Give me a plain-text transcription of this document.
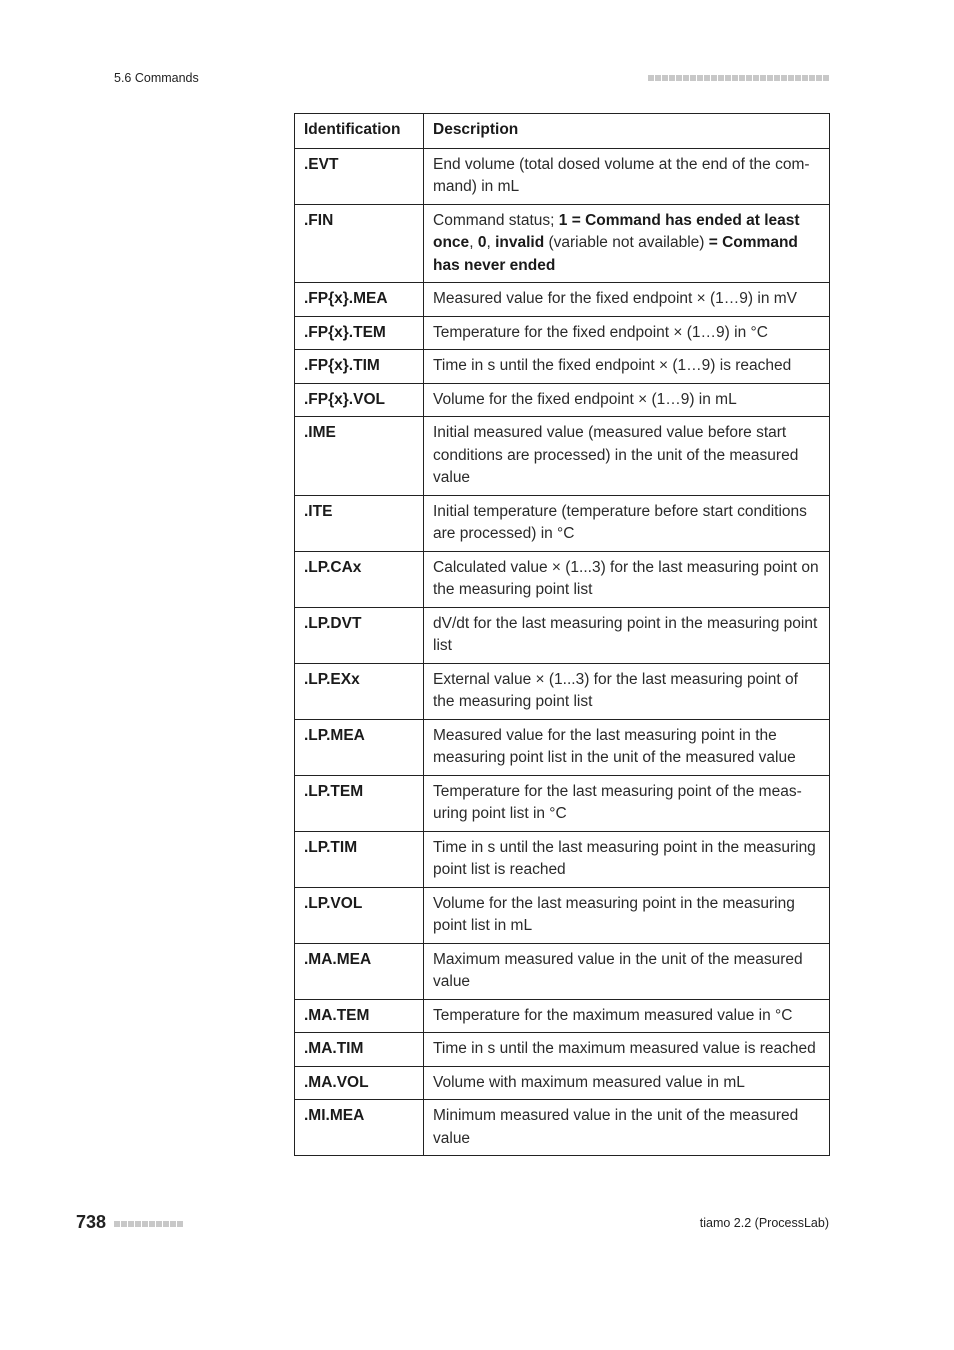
5.6 Commands
Identification	Description
.EVT	End volume (total dosed volume at the end of the com-mand) in mL
.FIN	Command status; 1 = Command has ended at least once, 0, invalid (variable not available) = Command has never ended
.FP{x}.MEA	Measured value for the fixed endpoint × (1…9) in mV
.FP{x}.TEM	Temperature for the fixed endpoint × (1…9) in °C
.FP{x}.TIM	Time in s until the fixed endpoint × (1…9) is reached
.FP{x}.VOL	Volume for the fixed endpoint × (1…9) in mL
.IME	Initial measured value (measured value before start conditions are processed) in the unit of the measured value
.ITE	Initial temperature (temperature before start conditions are processed) in °C
.LP.CAx	Calculated value × (1...3) for the last measuring point on the measuring point list
.LP.DVT	dV/dt for the last measuring point in the measuring point list
.LP.EXx	External value × (1...3) for the last measuring point of the measuring point list
.LP.MEA	Measured value for the last measuring point in the measuring point list in the unit of the measured value
.LP.TEM	Temperature for the last measuring point of the meas-uring point list in °C
.LP.TIM	Time in s until the last measuring point in the measuring point list is reached
.LP.VOL	Volume for the last measuring point in the measuring point list in mL
.MA.MEA	Maximum measured value in the unit of the measured value
.MA.TEM	Temperature for the maximum measured value in °C
.MA.TIM	Time in s until the maximum measured value is reached
.MA.VOL	Volume with maximum measured value in mL
.MI.MEA	Minimum measured value in the unit of the measured value
738	tiamo 2.2 (ProcessLab)
